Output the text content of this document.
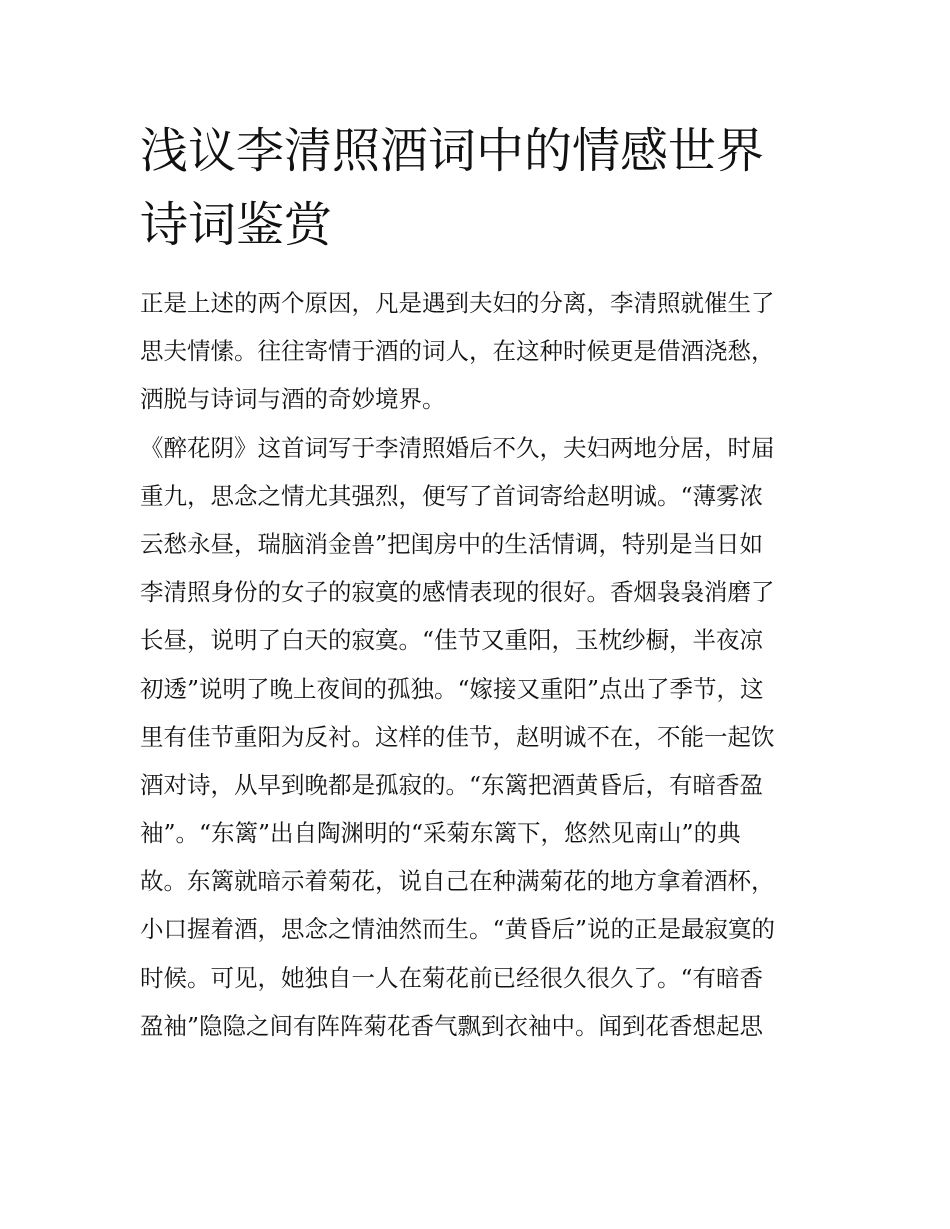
浅议李清照酒词中的情感世界
诗词鉴赏
正是上述的两个原因，凡是遇到夫妇的分离，李清照就催生了
思夫情愫。往往寄情于酒的词人，在这种时候更是借酒浇愁，
洒脱与诗词与酒的奇妙境界。
《醉花阴》这首词写于李清照婚后不久，夫妇两地分居，时届
重九，思念之情尤其强烈，便写了首词寄给赵明诚。“薄雾浓
云愁永昼，瑞脑消金兽”把闺房中的生活情调，特别是当日如
李清照身份的女子的寂寞的感情表现的很好。香烟袅袅消磨了
长昼，说明了白天的寂寞。“佳节又重阳，玉枕纱橱，半夜凉
初透”说明了晚上夜间的孤独。“嫁接又重阳”点出了季节，这
里有佳节重阳为反衬。这样的佳节，赵明诚不在，不能一起饮
酒对诗，从早到晚都是孤寂的。“东篱把酒黄昏后，有暗香盈
袖”。“东篱”出自陶渊明的“采菊东篱下，悠然见南山”的典
故。东篱就暗示着菊花，说自己在种满菊花的地方拿着酒杯，
小口握着酒，思念之情油然而生。“黄昏后”说的正是最寂寞的
时候。可见，她独自一人在菊花前已经很久很久了。“有暗香
盈袖”隐隐之间有阵阵菊花香气飘到衣袖中。闻到花香想起思
